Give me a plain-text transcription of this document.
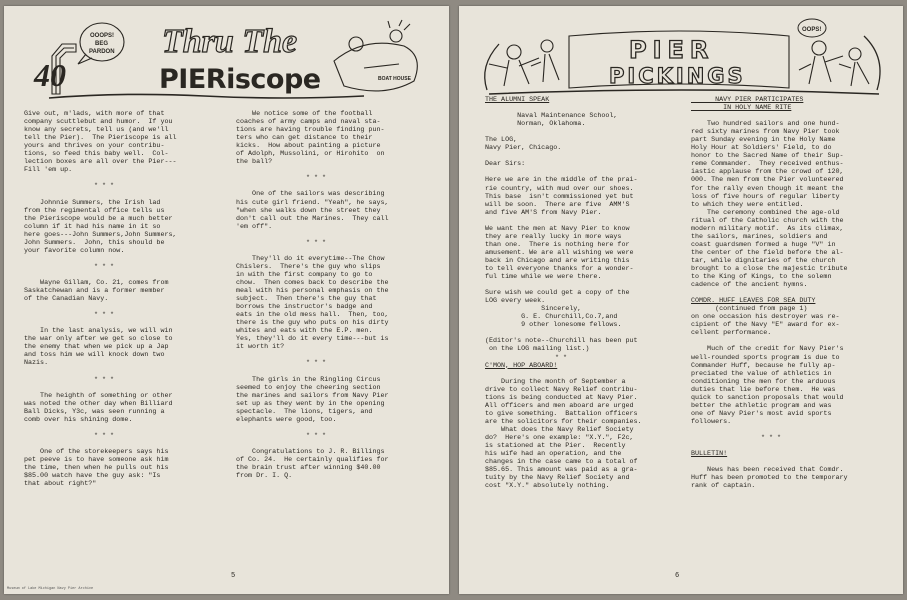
40
OOOPS!
BEG
PARDON Thru The
PIERiscope	BOAT HOUSE

Give out, m'lads, with more of that

company scuttlebut and humor.  If you

know any secrets, tell us (and we'll

tell the Pier).  The Pieriscope is all

yours and thrives on your contribu-

tions, so feed this baby well.  Col-

lection boxes are all over the Pier---

Fill 'em up.

* * *

Johnnie Summers, the Irish lad

from the regimental office tells us

the Pieriscope would be a much better

column if it had his name in it so

here goes---John Summers,John Summers,

John Summers.  John, this should be

your favorite column now.

* * *

Wayne Gillam, Co. 21, comes from

Saskatchewan and is a former member

of the Canadian Navy.

* * *

In the last analysis, we will win

the war only after we get so close to

the enemy that when we pick up a Jap

and toss him we will knock down two

Nazis.

* * *

The heighth of something or other

was noted the other day when Billiard

Ball Dicks, Y3c, was seen running a

comb over his shining dome.

* * *

One of the storekeepers says his

pet peeve is to have someone ask him

the time, then when he pulls out his

$85.00 watch have the guy ask: "Is

that about right?"

We notice some of the football

coaches of army camps and naval sta-

tions are having trouble finding pun-

ters who can get distance to their

kicks.  How about painting a picture

of Adolph, Mussolini, or Hirohito  on

the ball?

* * *

One of the sailors was describing

his cute girl friend. "Yeah", he says,

"when she walks down the street they

don't call out the Marines.  They call

'em off".

* * *

They'll do it everytime--The Chow

Chislers.  There's the guy who slips

in with the first company to go to

chow.  Then comes back to describe the

meal with his personal emphasis on the

subject.  Then there's the guy that

borrows the instructor's badge and

eats in the old mess hall.  Then, too,

there is the guy who puts on his dirty

whites and eats with the E.P. men.

Yes, they'll do it every time---but is

it worth it?

* * *

The girls in the Ringling Circus

seemed to enjoy the cheering section

the marines and sailors from Navy Pier

set up as they went by in the opening

spectacle.  The lions, tigers, and

elephants were good, too.

* * *

Congratulations to J. R. Billings

of Co. 24.  He certainly qualifies for

the brain trust after winning $40.00

from Dr. I. Q.

5
Museum of Lake Michigan Navy Pier Archive
OOPS!
PIER
PICKINGS

THE ALUMNI SPEAK

Naval Maintenance School,

Norman, Oklahoma.

The LOG,

Navy Pier, Chicago.

Dear Sirs:

Here we are in the middle of the prai-

rie country, with mud over our shoes.

This base  isn't commissioned yet but

will be soon.  There are five  AMM'S

and five AM'S from Navy Pier.

We want the men at Navy Pier to know

they are really lucky in more ways

than one.  There is nothing here for

amusement. We are all wishing we were

back in Chicago and are writing this

to tell everyone thanks for a wonder-

ful time while we were there.

Sure wish we could get a copy of the

LOG every week.

Sincerely,

G. E. Churchill,Co.7,and

9 other lonesome fellows.

(Editor's note--Churchill has been put

on the LOG mailing list.)

* *

C'MON, HOP ABOARD!

During the month of September a

drive to collect Navy Relief contribu-

tions is being conducted at Navy Pier.

All officers and men aboard are urged

to give something.  Battalion officers

are the solicitors for their companies.

What does the Navy Relief Society

do?  Here's one example: "X.Y.", F2c,

is stationed at the Pier.  Recently

his wife had an operation, and the

changes in the case came to a total of

$85.65. This amount was paid as a gra-

tuity by the Navy Relief Society and

cost "X.Y." absolutely nothing.

NAVY PIER PARTICIPATES

IN HOLY NAME RITE

Two hundred sailors and one hund-

red sixty marines from Navy Pier took

part Sunday evening in the Holy Name

Holy Hour at Soldiers' Field, to do

honor to the Sacred Name of their Sup-

reme Commander.  They received enthus-

iastic applause from the crowd of 120,

000. The men from the Pier volunteered

for the rally even though it meant the

loss of five hours of regular liberty

to which they were entitled.

The ceremony combined the age-old

ritual of the Catholic church with the

modern military motif.  As its climax,

the sailors, marines, soldiers and

coast guardsmen formed a huge "V" in

the center of the field before the al-

tar, while dignitaries of the church

brought to a close the majestic tribute

to the King of Kings, to the solemn

cadence of the ancient hymns.

COMDR. HUFF LEAVES FOR SEA DUTY

(continued from page 1)

on one occasion his destroyer was re-

cipient of the Navy "E" award for ex-

cellent performance.

Much of the credit for Navy Pier's

well-rounded sports program is due to

Commander Huff, because he fully ap-

preciated the value of athletics in

conditioning the men for the arduous

duties that lie before them.  He was

quick to sanction proposals that would

better the athletic program and was

one of Navy Pier's most avid sports

followers.

* * *

BULLETIN!

News has been received that Comdr.

Huff has been promoted to the temporary

rank of captain.

6
